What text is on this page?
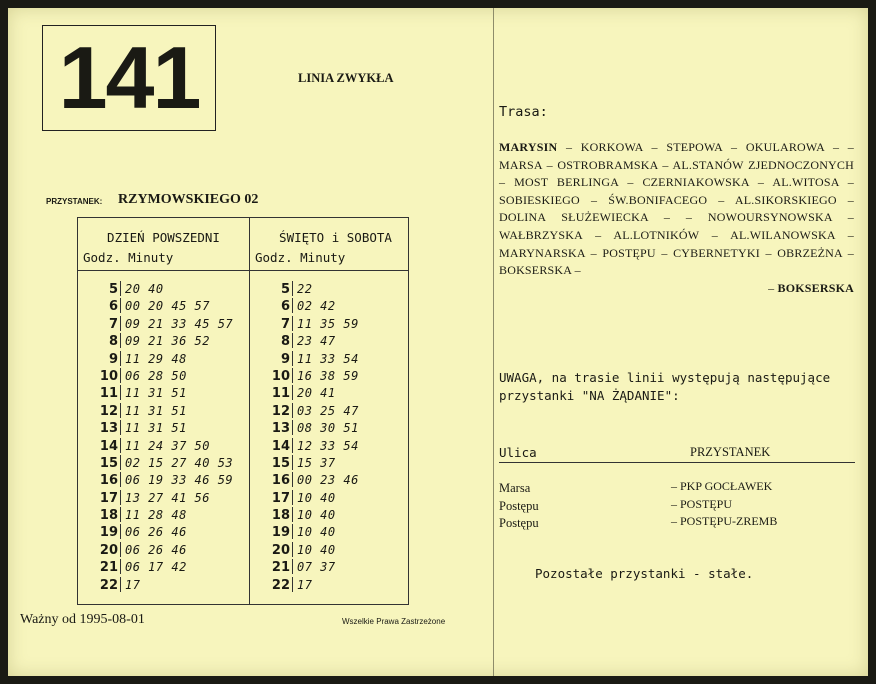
141	LINIA ZWYKŁA
PRZYSTANEK: RZYMOWSKIEGO 02
DZIEŃ POWSZEDNI
Godz. Minuty
ŚWIĘTO i SOBOTA
Godz. Minuty
5 20 40
6 00 20 45 57
7 09 21 33 45 57
8 09 21 36 52
9 11 29 48
10 06 28 50
11 11 31 51
12 11 31 51
13 11 31 51
14 11 24 37 50
15 02 15 27 40 53
16 06 19 33 46 59
17 13 27 41 56
18 11 28 48
19 06 26 46
20 06 26 46
21 06 17 42
22 17
5 22
6 02 42
7 11 35 59
8 23 47
9 11 33 54
10 16 38 59
11 20 41
12 03 25 47
13 08 30 51
14 12 33 54
15 15 37
16 00 23 46
17 10 40
18 10 40
19 10 40
20 10 40
21 07 37
22 17
Ważny od 1995-08-01	Wszelkie Prawa Zastrzeżone
Trasa:
MARYSIN – KORKOWA – STEPOWA – OKULAROWA – – MARSA – OSTROBRAMSKA – AL.STANÓW ZJEDNOCZONYCH – MOST BERLINGA – CZERNIAKOWSKA – AL.WITOSA – SOBIESKIEGO – ŚW.BONIFACEGO – AL.SIKORSKIEGO – DOLINA SŁUŻEWIECKA – – NOWOURSYNOWSKA – WAŁBRZYSKA – AL.LOTNIKÓW – AL.WILANOWSKA – MARYNARSKA – POSTĘPU – CYBERNETYKI – OBRZEŻNA – BOKSERSKA –
– BOKSERSKA
UWAGA, na trasie linii występują następujące przystanki "NA ŻĄDANIE":
Ulica	PRZYSTANEK
Marsa	– PKP GOCŁAWEK
Postępu	– POSTĘPU
Postępu	– POSTĘPU-ZREMB
Pozostałe przystanki - stałe.
